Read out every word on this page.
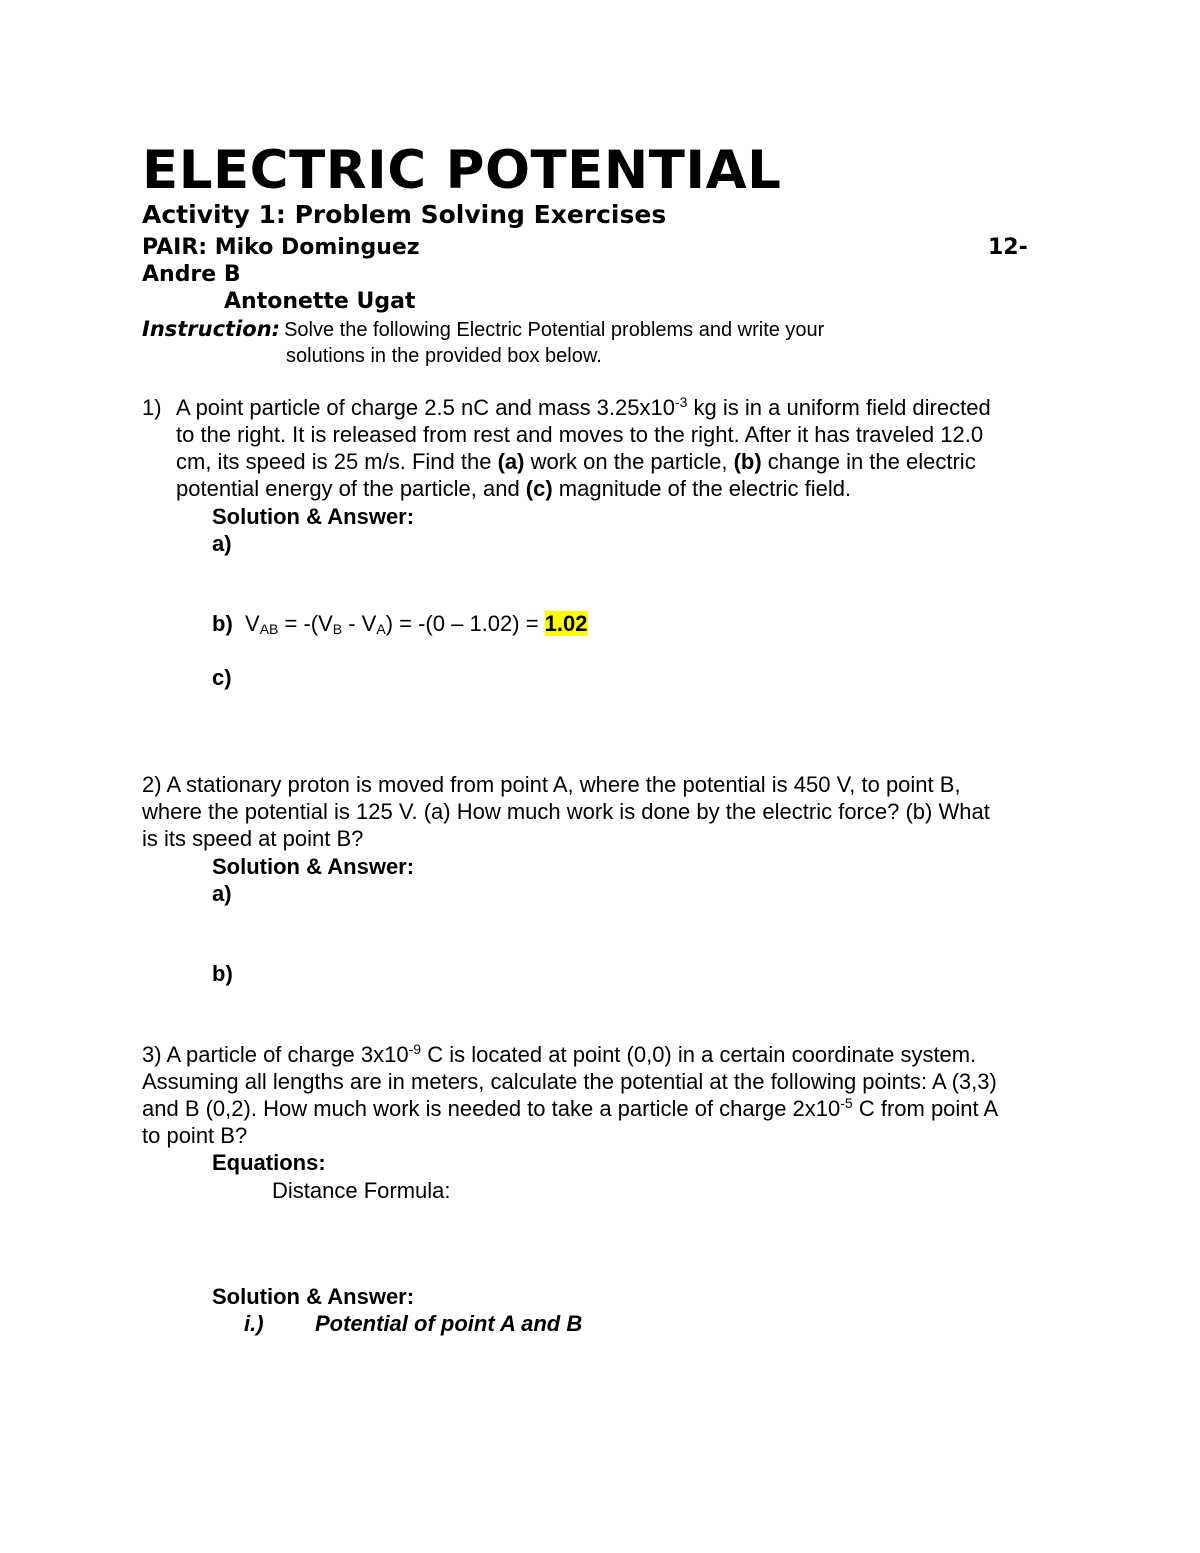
ELECTRIC POTENTIAL
Activity 1: Problem Solving Exercises
PAIR: Miko Dominguez	12-
Andre B
Antonette Ugat
Instruction: Solve the following Electric Potential problems and write your
solutions in the provided box below.
1) A point particle of charge 2.5 nC and mass $3.25x10^{-3}$ kg is in a uniform field directed
to the right. It is released from rest and moves to the right. After it has traveled 12.0
cm, its speed is 25 m/s. Find the (a) work on the particle, (b) change in the electric
potential energy of the particle, and (c) magnitude of the electric field.
Solution & Answer:
a)
b) $V_{AB} = -(V_B - V_A) = -(0 - 1.02) = 1.02$
c)
2) A stationary proton is moved from point A, where the potential is 450 V, to point B,
where the potential is 125 V. (a) How much work is done by the electric force? (b) What
is its speed at point B?
Solution & Answer:
a)
b)
3) A particle of charge $3x10^{-9}$ C is located at point (0,0) in a certain coordinate system.
Assuming all lengths are in meters, calculate the potential at the following points: A (3,3)
and B (0,2). How much work is needed to take a particle of charge $2x10^{-5}$ C from point A
to point B?
Equations:
Distance Formula:
Solution & Answer:
i.) Potential of point A and B
